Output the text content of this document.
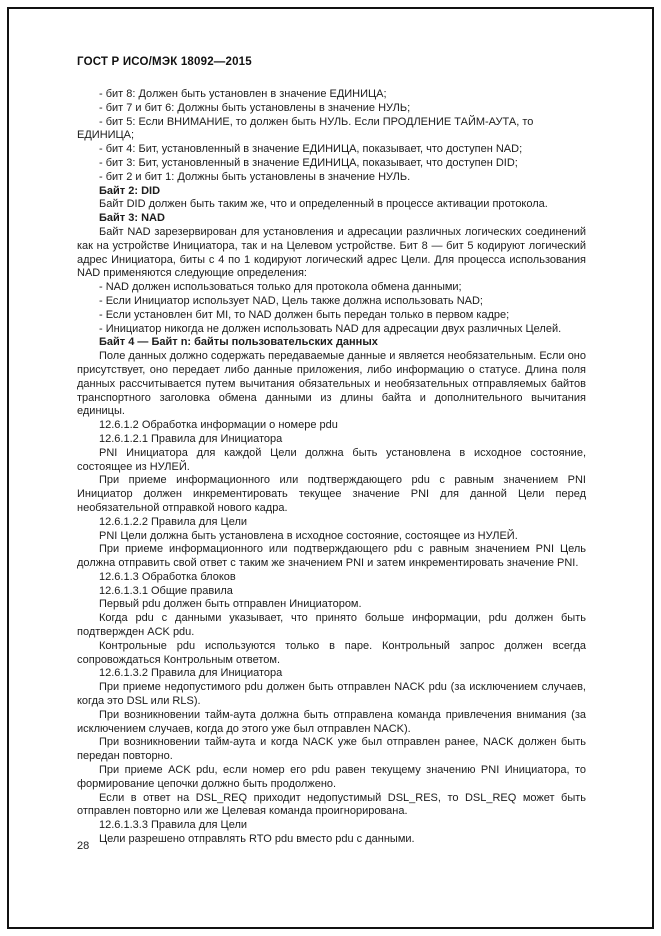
ГОСТ Р ИСО/МЭК 18092—2015

- бит 8: Должен быть установлен в значение ЕДИНИЦА;

- бит 7 и бит 6: Должны быть установлены в значение НУЛЬ;

- бит 5: Если ВНИМАНИЕ, то должен быть НУЛЬ. Если ПРОДЛЕНИЕ ТАЙМ-АУТА, то ЕДИНИЦА;

- бит 4: Бит, установленный в значение ЕДИНИЦА, показывает, что доступен NAD;

- бит 3: Бит, установленный в значение ЕДИНИЦА, показывает, что доступен DID;

- бит 2 и бит 1: Должны быть установлены в значение НУЛЬ.

Байт 2: DID

Байт DID должен быть таким же, что и определенный в процессе активации протокола.

Байт 3: NAD

Байт NAD зарезервирован для установления и адресации различных логических соединений как на устройстве Инициатора, так и на Целевом устройстве. Бит 8 — бит 5 кодируют логический адрес Инициатора, биты с 4 по 1 кодируют логический адрес Цели. Для процесса использования NAD применяются следующие определения:

- NAD должен использоваться только для протокола обмена данными;

- Если Инициатор использует NAD, Цель также должна использовать NAD;

- Если установлен бит MI, то NAD должен быть передан только в первом кадре;

- Инициатор никогда не должен использовать NAD для адресации двух различных Целей.

Байт 4 — Байт n: байты пользовательских данных

Поле данных должно содержать передаваемые данные и является необязательным. Если оно присутствует, оно передает либо данные приложения, либо информацию о статусе. Длина поля данных рассчитывается путем вычитания обязательных и необязательных отправляемых байтов транспортного заголовка обмена данными из длины байта и дополнительного вычитания единицы.

12.6.1.2 Обработка информации о номере pdu

12.6.1.2.1 Правила для Инициатора

PNI Инициатора для каждой Цели должна быть установлена в исходное состояние, состоящее из НУЛЕЙ.

При приеме информационного или подтверждающего pdu с равным значением PNI Инициатор должен инкрементировать текущее значение PNI для данной Цели перед необязательной отправкой нового кадра.

12.6.1.2.2 Правила для Цели

PNI Цели должна быть установлена в исходное состояние, состоящее из НУЛЕЙ.

При приеме информационного или подтверждающего pdu с равным значением PNI Цель должна отправить свой ответ с таким же значением PNI и затем инкрементировать значение PNI.

12.6.1.3 Обработка блоков

12.6.1.3.1 Общие правила

Первый pdu должен быть отправлен Инициатором.

Когда pdu с данными указывает, что принято больше информации, pdu должен быть подтвержден ACK pdu.

Контрольные pdu используются только в паре. Контрольный запрос должен всегда сопровождаться Контрольным ответом.

12.6.1.3.2 Правила для Инициатора

При приеме недопустимого pdu должен быть отправлен NACK pdu (за исключением случаев, когда это DSL или RLS).

При возникновении тайм-аута должна быть отправлена команда привлечения внимания (за исключением случаев, когда до этого уже был отправлен NACK).

При возникновении тайм-аута и когда NACK уже был отправлен ранее, NACK должен быть передан повторно.

При приеме ACK pdu, если номер его pdu равен текущему значению PNI Инициатора, то формирование цепочки должно быть продолжено.

Если в ответ на DSL_REQ приходит недопустимый DSL_RES, то DSL_REQ может быть отправлен повторно или же Целевая команда проигнорирована.

12.6.1.3.3 Правила для Цели

Цели разрешено отправлять RTO pdu вместо pdu с данными.

28
